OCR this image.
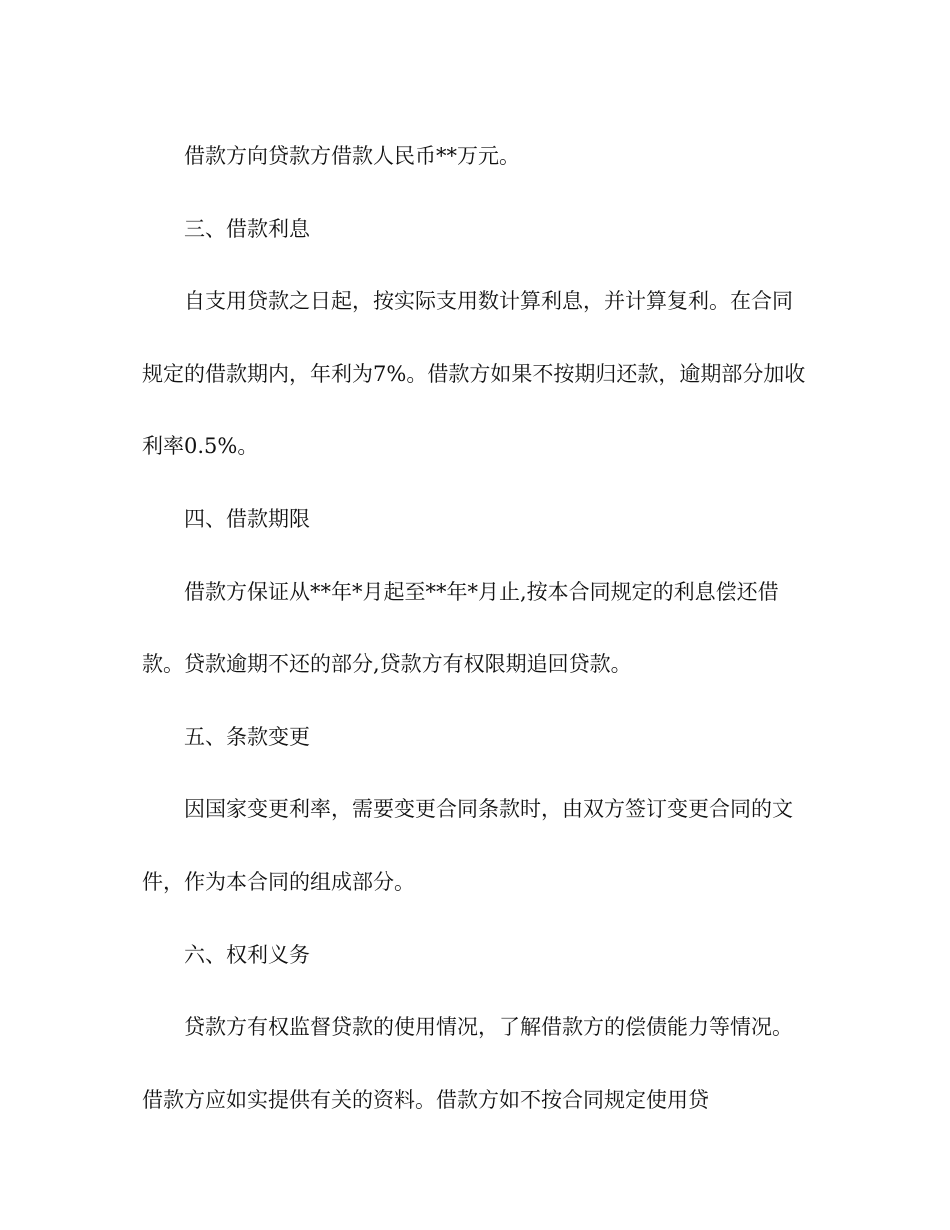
借款方向贷款方借款人民币**万元。

三、借款利息

自支用贷款之日起，按实际支用数计算利息，并计算复利。在合同规定的借款期内，年利为7%。借款方如果不按期归还款，逾期部分加收利率0.5%。

四、借款期限

借款方保证从**年*月起至**年*月止,按本合同规定的利息偿还借款。贷款逾期不还的部分,贷款方有权限期追回贷款。

五、条款变更

因国家变更利率，需要变更合同条款时，由双方签订变更合同的文件，作为本合同的组成部分。

六、权利义务

贷款方有权监督贷款的使用情况，了解借款方的偿债能力等情况。借款方应如实提供有关的资料。借款方如不按合同规定使用贷
